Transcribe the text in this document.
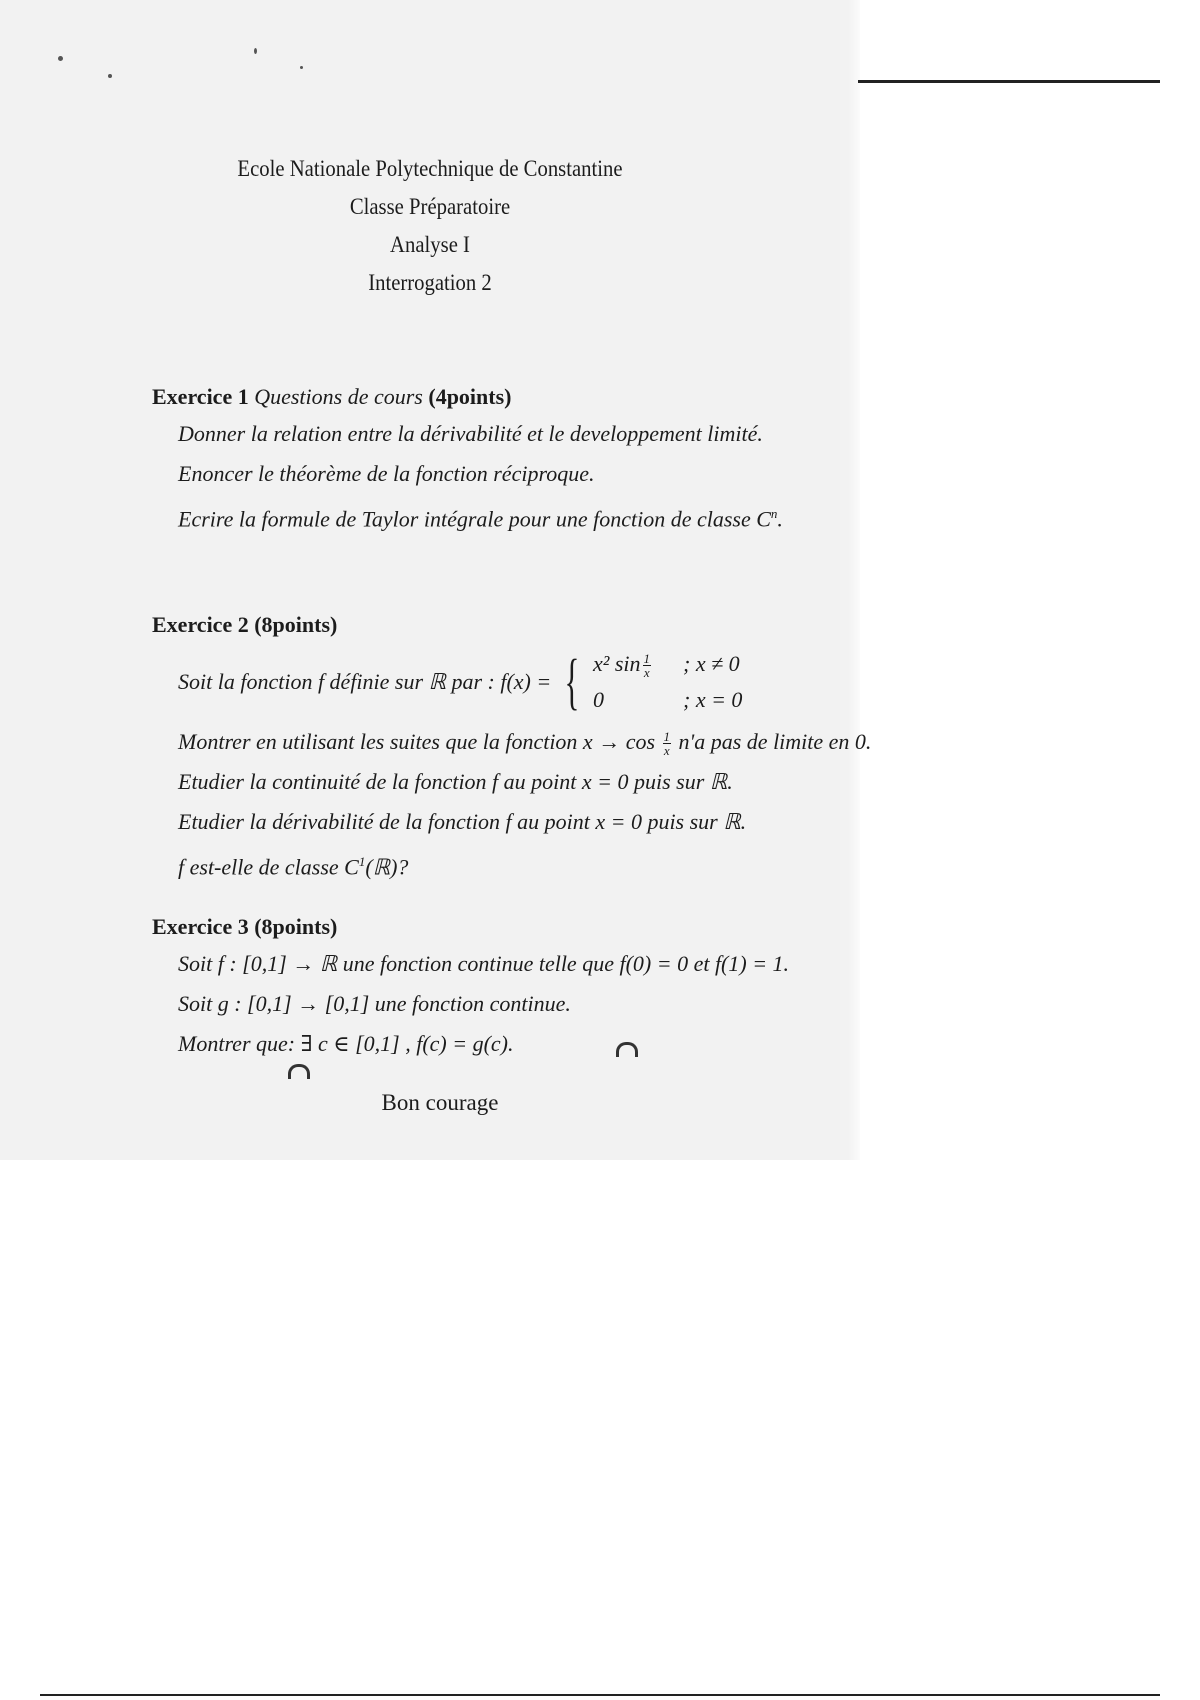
Ecole Nationale Polytechnique de Constantine
Classe Préparatoire
Analyse I
Interrogation 2
Exercice 1 Questions de cours (4points)
Donner la relation entre la dérivabilité et le developpement limité.
Enoncer le théorème de la fonction réciproque.
Ecrire la formule de Taylor intégrale pour une fonction de classe $C^n$.
Exercice 2 (8points)
Soit la fonction f définie sur ℝ par : f(x) = { x² $\sin \frac{1}{x}$ ; x ≠ 0
0	; x = 0
Montrer en utilisant les suites que la fonction $x \to \cos \frac{1}{x} n'a$ pas de limite en 0.
Etudier la continuité de la fonction f au point x = 0 puis sur ℝ.
Etudier la dérivabilité de la fonction f au point x = 0 puis sur ℝ.
f est-elle de classe $C^1(ℝ)$?
Exercice 3 (8points)
Soit f : [0,1] → ℝ une fonction continue telle que f(0) = 0 et f(1) = 1.
Soit g : [0,1] → [0,1] une fonction continue.
Montrer que: ∃ c ∈ [0,1] , f(c) = g(c).
Bon courage
